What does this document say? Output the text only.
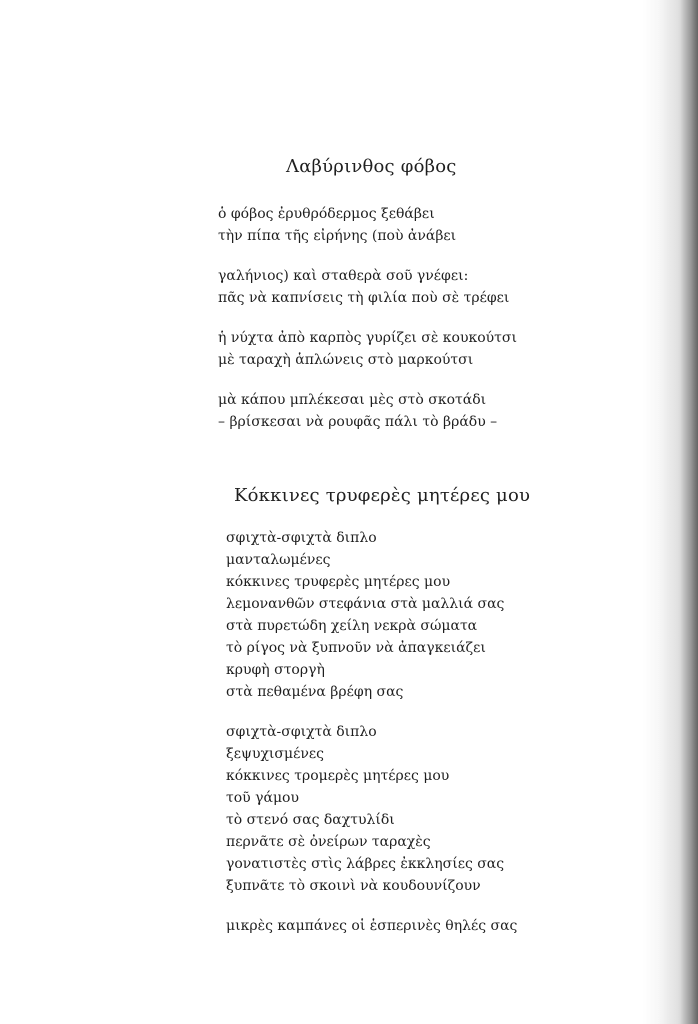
Λαβύρινθος φόβος
ὁ φόβος ἐρυθρόδερμος ξεθάβει
τὴν πίπα τῆς εἰρήνης (ποὺ ἀνάβει
γαλήνιος) καὶ σταθερὰ σοῦ γνέφει:
πᾶς νὰ καπνίσεις τὴ φιλία ποὺ σὲ τρέφει
ἡ νύχτα ἀπὸ καρπὸς γυρίζει σὲ κουκούτσι
μὲ ταραχὴ ἁπλώνεις στὸ μαρκούτσι
μὰ κάπου μπλέκεσαι μὲς στὸ σκοτάδι
– βρίσκεσαι νὰ ρουφᾶς πάλι τὸ βράδυ –
Κόκκινες τρυφερὲς μητέρες μου
σφιχτὰ-σφιχτὰ διπλο
μανταλωμένες
κόκκινες τρυφερὲς μητέρες μου
λεμονανθῶν στεφάνια στὰ μαλλιά σας
στὰ πυρετώδη χείλη νεκρὰ σώματα
τὸ ρίγος νὰ ξυπνοῦν νὰ ἀπαγκειάζει
κρυφὴ στοργὴ
στὰ πεθαμένα βρέφη σας
σφιχτὰ-σφιχτὰ διπλο
ξεψυχισμένες
κόκκινες τρομερὲς μητέρες μου
τοῦ γάμου
τὸ στενό σας δαχτυλίδι
περνᾶτε σὲ ὀνείρων ταραχὲς
γονατιστὲς στὶς λάβρες ἐκκλησίες σας
ξυπνᾶτε τὸ σκοινὶ νὰ κουδουνίζουν
μικρὲς καμπάνες οἱ ἑσπερινὲς θηλές σας
